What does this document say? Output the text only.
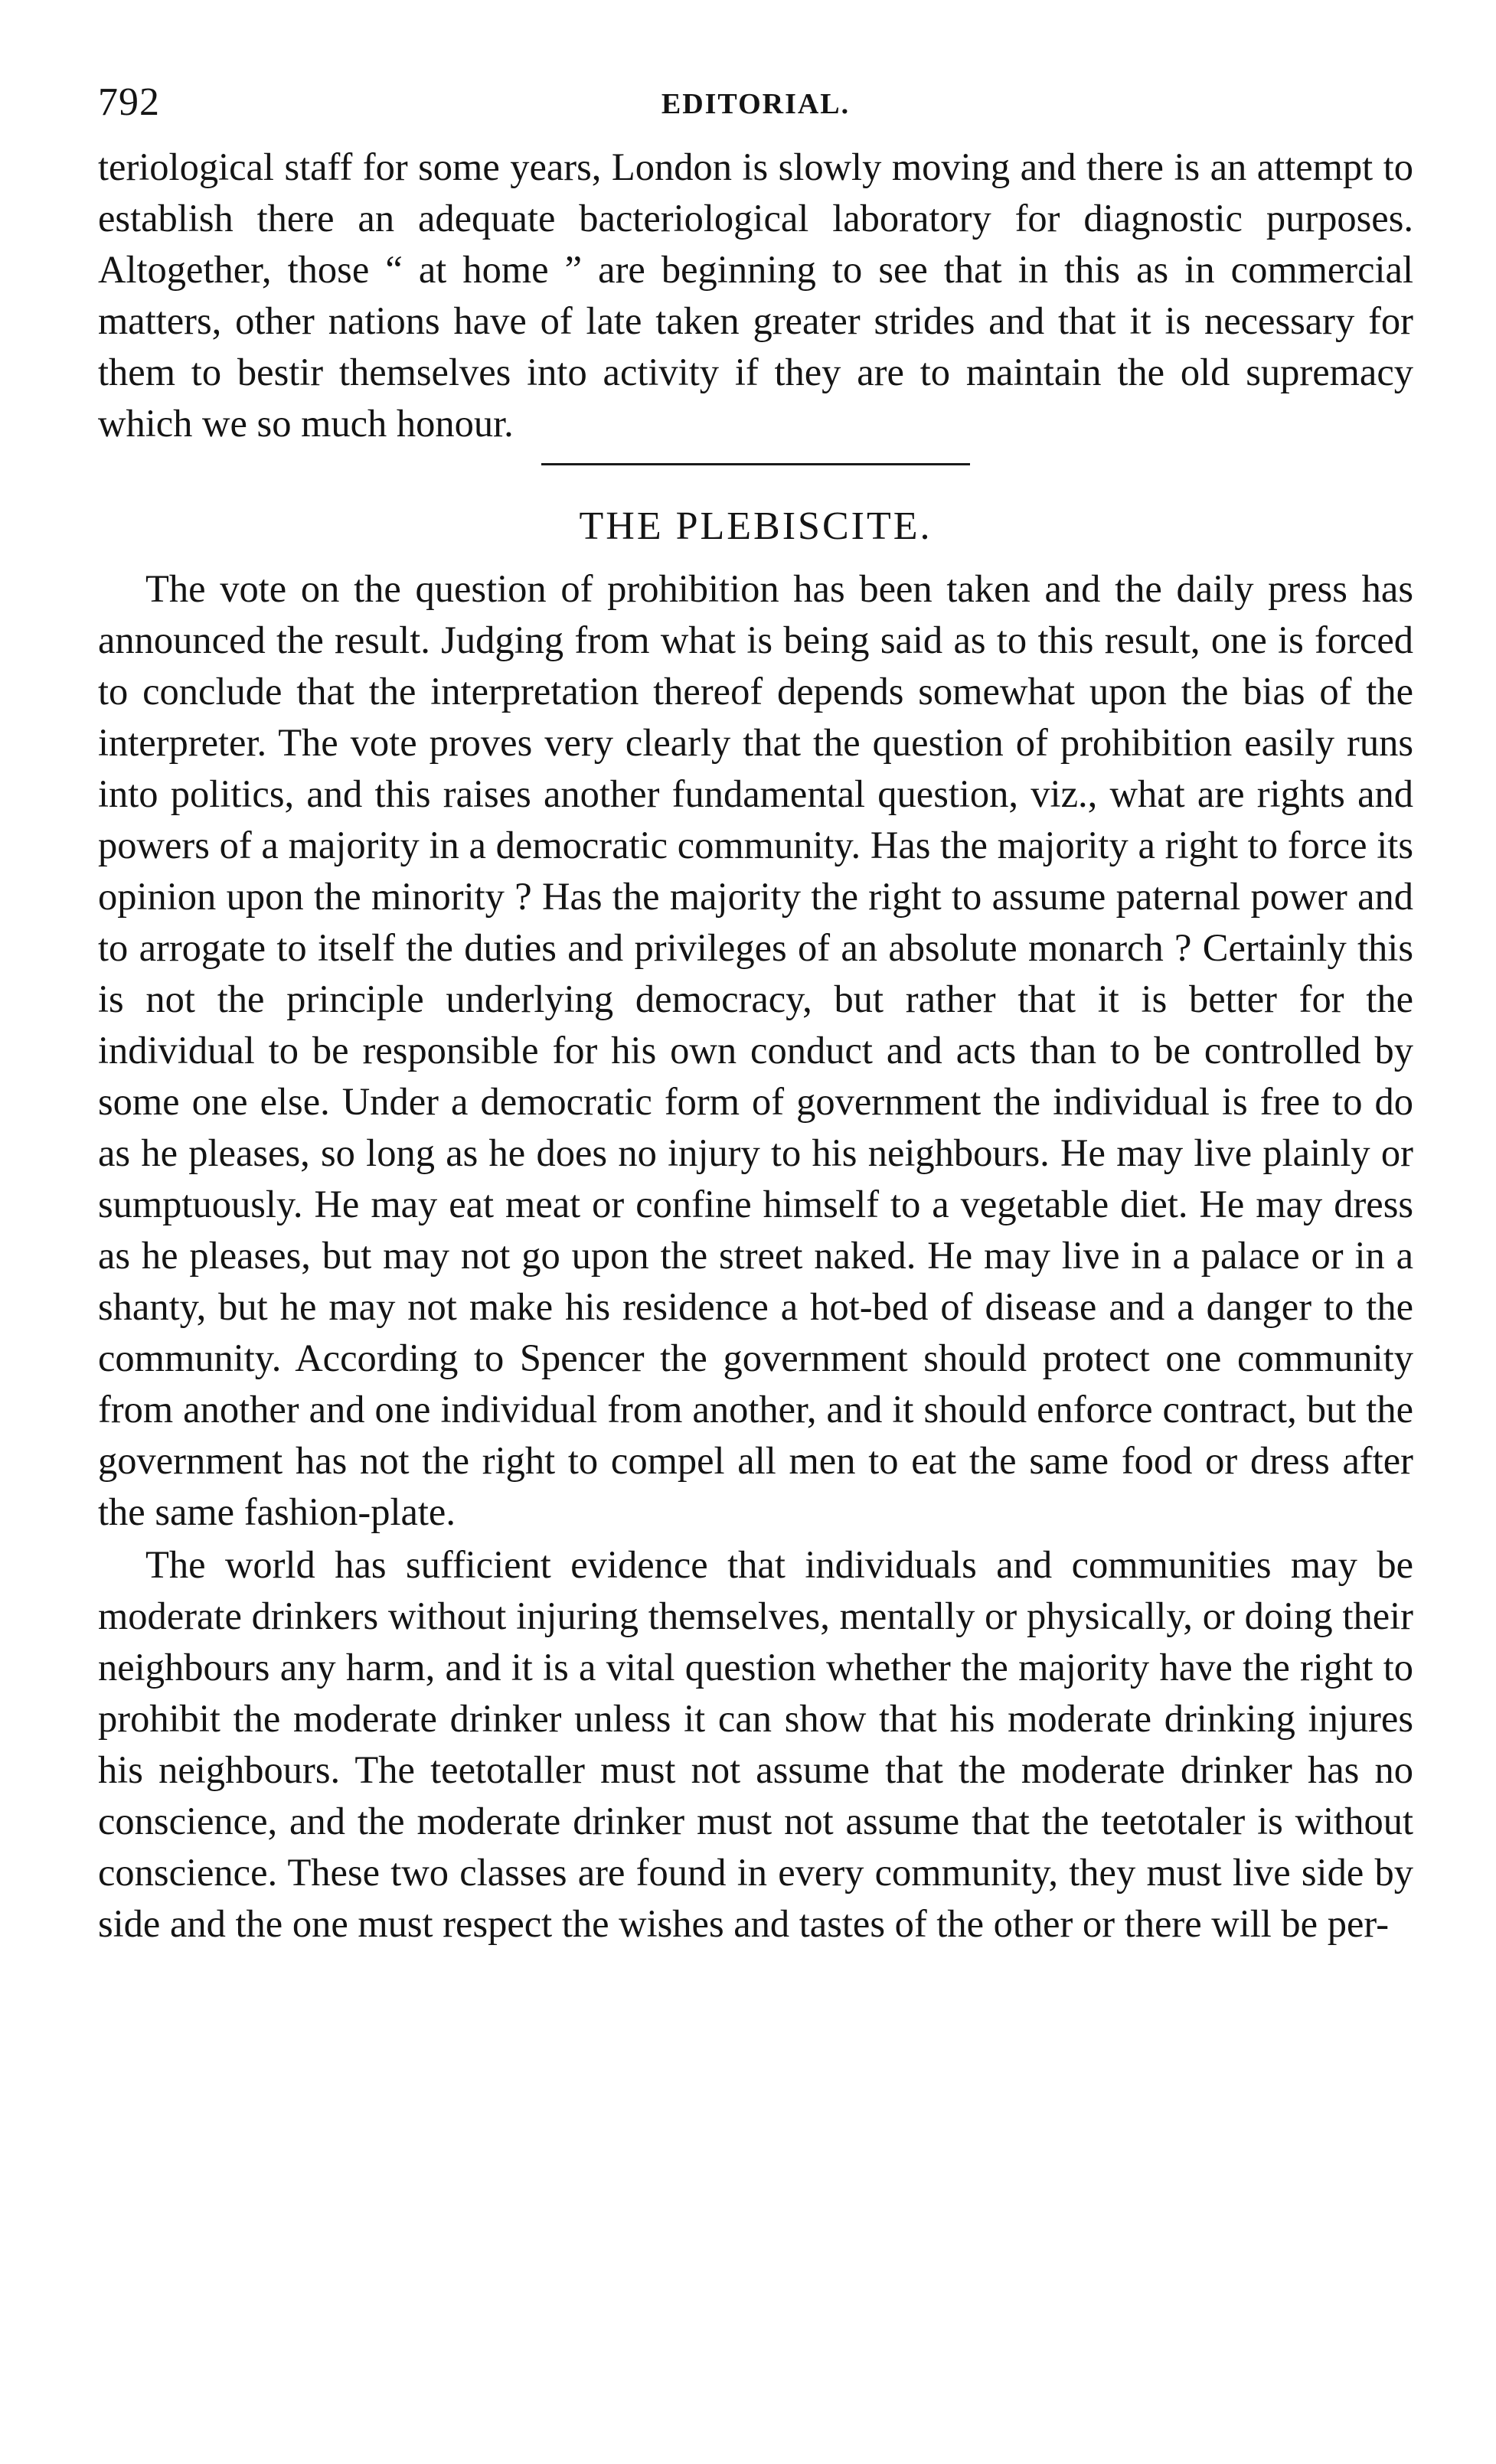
792	EDITORIAL.

teriological staff for some years, London is slowly moving and there is an attempt to establish there an adequate bacteriological laboratory for diagnostic purposes. Altogether, those “ at home ” are beginning to see that in this as in commercial matters, other nations have of late taken greater strides and that it is necessary for them to bestir themselves into activity if they are to maintain the old supremacy which we so much honour.

THE PLEBISCITE.

The vote on the question of prohibition has been taken and the daily press has announced the result. Judging from what is being said as to this result, one is forced to conclude that the interpretation thereof depends somewhat upon the bias of the interpreter. The vote proves very clearly that the question of prohibition easily runs into politics, and this raises another fundamental question, viz., what are rights and powers of a majority in a democratic community. Has the majority a right to force its opinion upon the minority ? Has the majority the right to assume paternal power and to arrogate to itself the duties and privileges of an absolute monarch ? Certainly this is not the principle underlying democracy, but rather that it is better for the individual to be responsible for his own conduct and acts than to be controlled by some one else. Under a democratic form of government the individual is free to do as he pleases, so long as he does no injury to his neighbours. He may live plainly or sumptuously. He may eat meat or confine himself to a vegetable diet. He may dress as he pleases, but may not go upon the street naked. He may live in a palace or in a shanty, but he may not make his residence a hot-bed of disease and a danger to the community. According to Spencer the government should protect one community from another and one individual from another, and it should enforce contract, but the government has not the right to compel all men to eat the same food or dress after the same fashion-plate.

The world has sufficient evidence that individuals and communities may be moderate drinkers without injuring themselves, mentally or physically, or doing their neighbours any harm, and it is a vital question whether the majority have the right to prohibit the moderate drinker unless it can show that his moderate drinking injures his neighbours. The teetotaller must not assume that the moderate drinker has no conscience, and the moderate drinker must not assume that the teetotaler is without conscience. These two classes are found in every community, they must live side by side and the one must respect the wishes and tastes of the other or there will be per-
